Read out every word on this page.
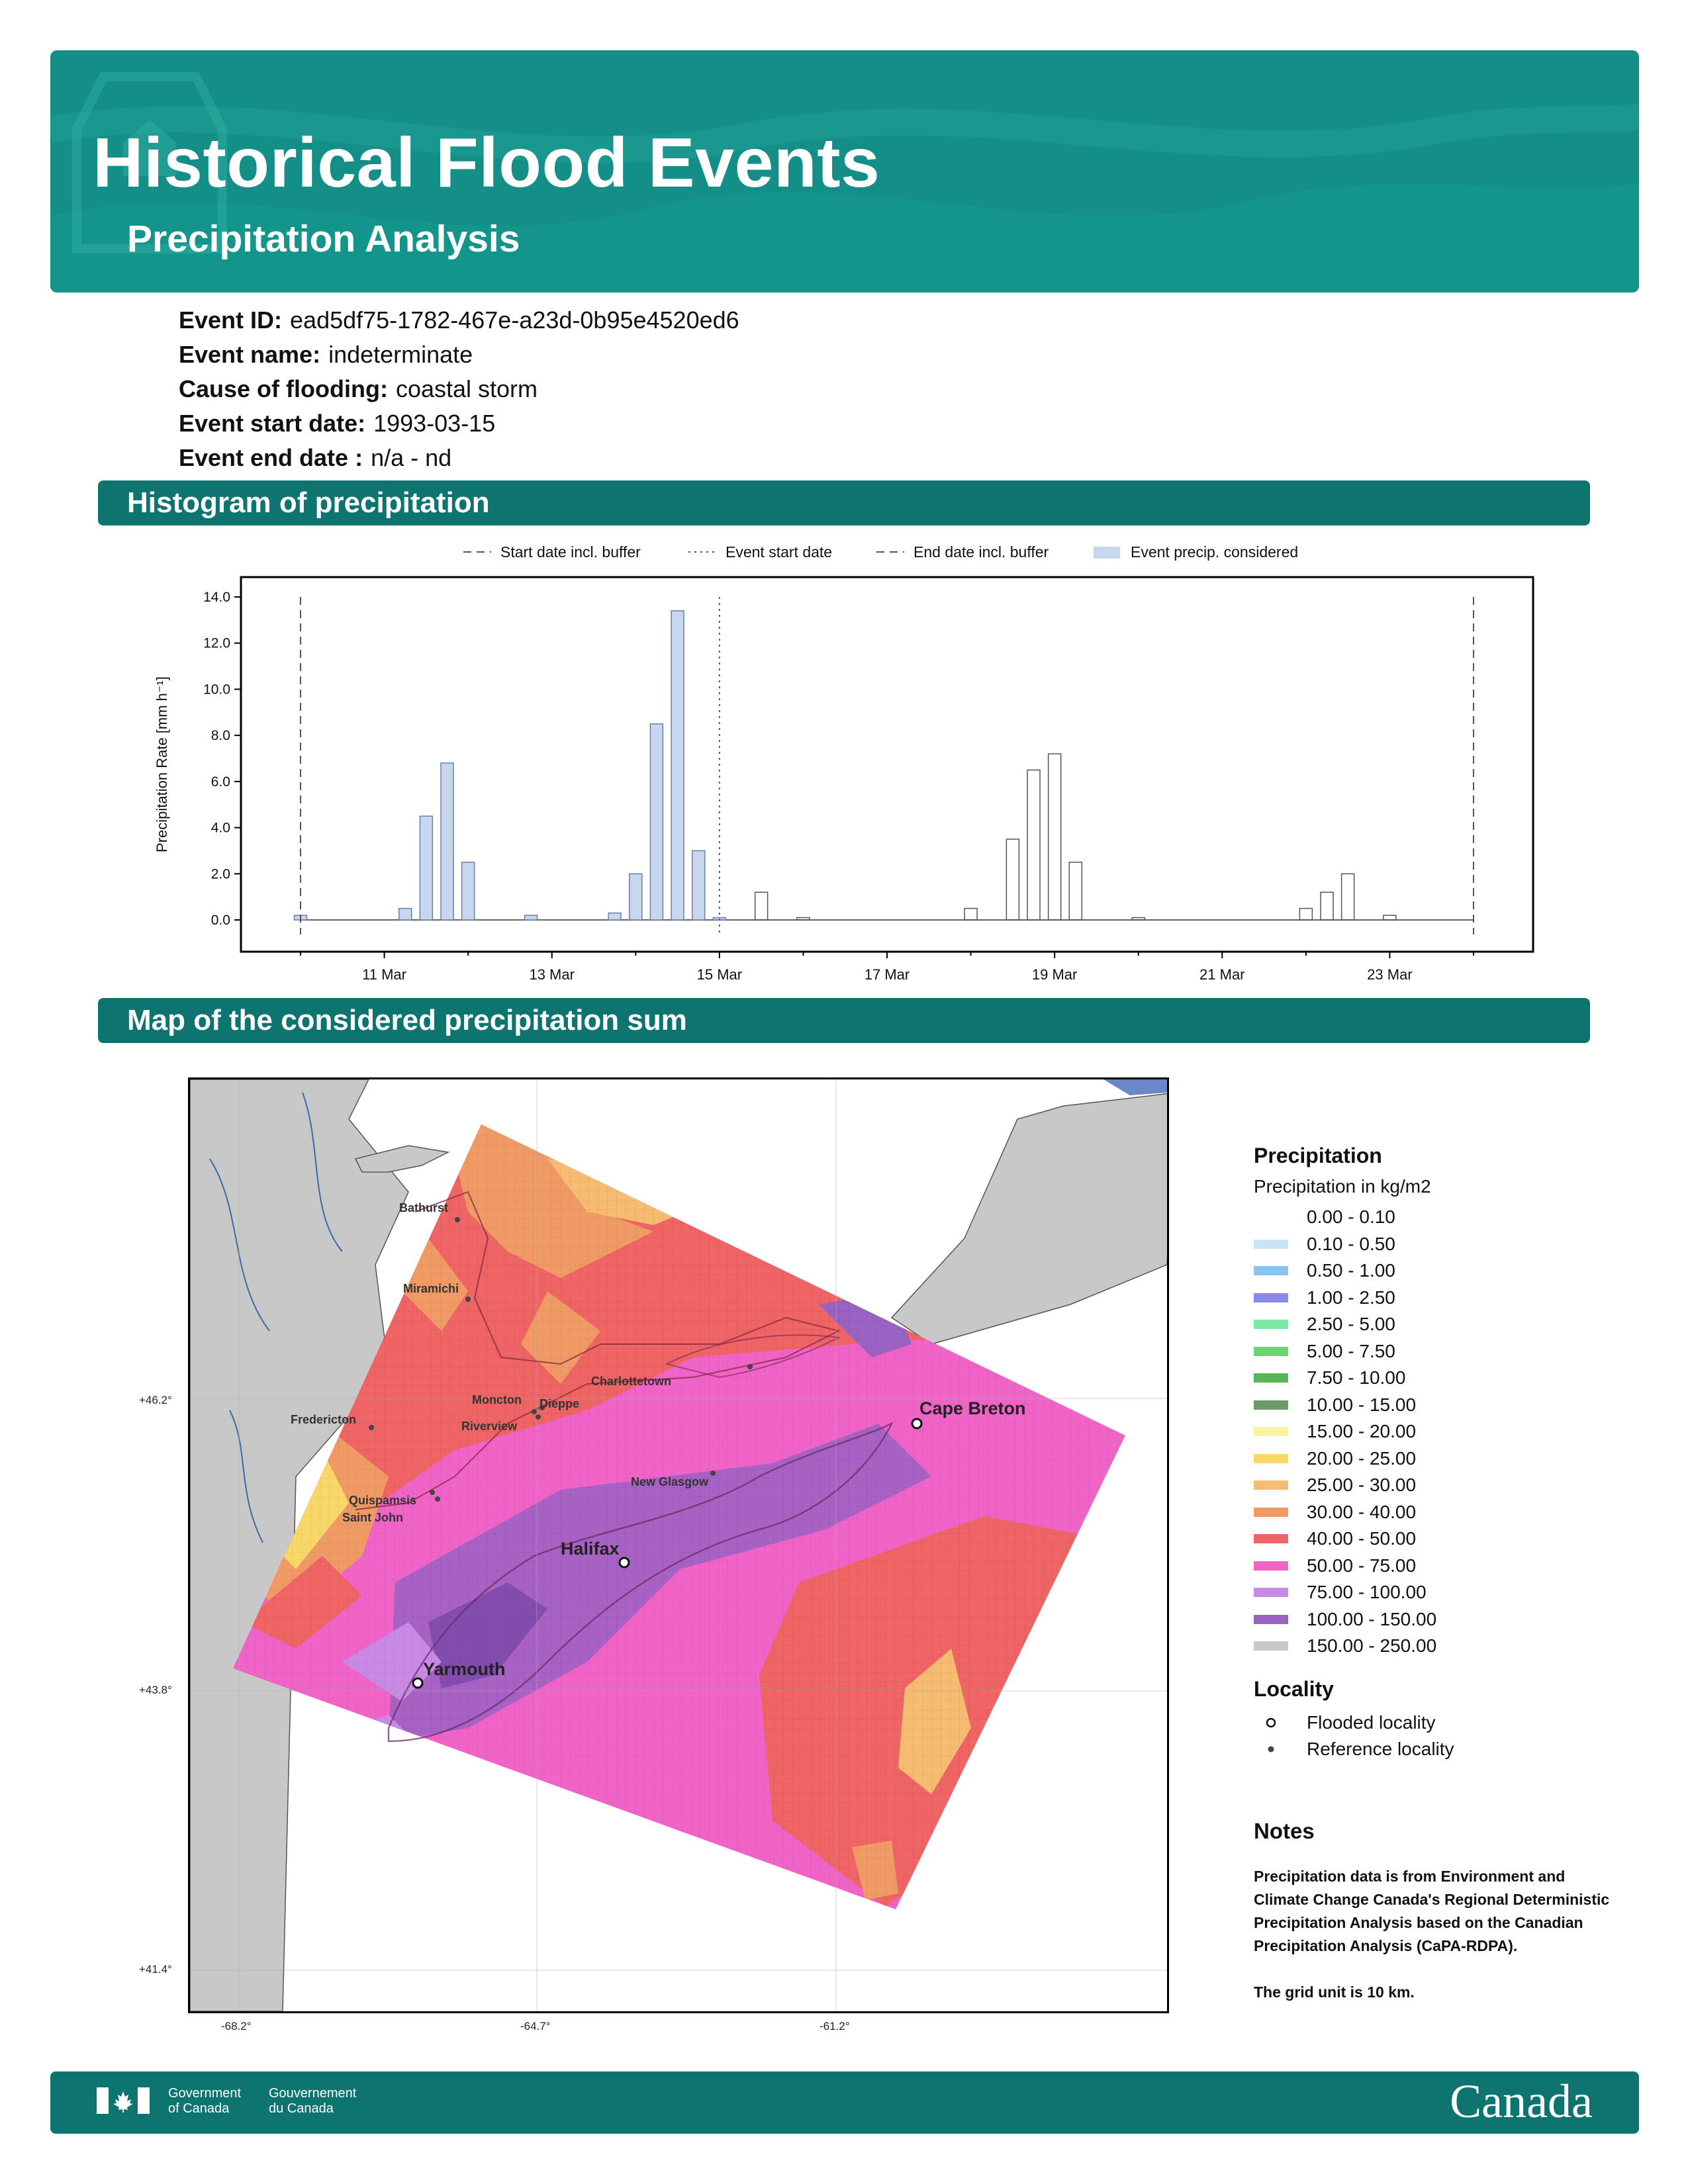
Historical Flood Events
Precipitation Analysis
Event ID: ead5df75-1782-467e-a23d-0b95e4520ed6
Event name: indeterminate
Cause of flooding: coastal storm
Event start date: 1993-03-15
Event end date : n/a - nd
Histogram of precipitation
0.0
2.0
4.0
6.0
8.0
10.0
12.0
14.0
Precipitation Rate [mm h⁻¹]
11 Mar	13 Mar	15 Mar	17 Mar	19 Mar	21 Mar	23 Mar
Start date incl. buffer	Event start date	End date incl. buffer	Event precip. considered
Map of the considered precipitation sum
Bathurst
Miramichi
Charlottetown
Moncton Dieppe
Riverview
Fredericton
Quispamsis
Saint John
New Glasgow
Cape Breton
Halifax
Yarmouth
+46.2°
+43.8°
+41.4°
-68.2°	-64.7°	-61.2°
Precipitation
Precipitation in kg/m2
0.00 - 0.10
0.10 - 0.50
0.50 - 1.00
1.00 - 2.50
2.50 - 5.00
5.00 - 7.50
7.50 - 10.00
10.00 - 15.00
15.00 - 20.00
20.00 - 25.00
25.00 - 30.00
30.00 - 40.00
40.00 - 50.00
50.00 - 75.00
75.00 - 100.00
100.00 - 150.00
150.00 - 250.00
Locality
Flooded locality
Reference locality
Notes
Precipitation data is from Environment and Climate Change Canada's Regional Deterministic Precipitation Analysis based on the Canadian Precipitation Analysis (CaPA-RDPA).
The grid unit is 10 km.
Government
of Canada
Gouvernement
du Canada	Canada
